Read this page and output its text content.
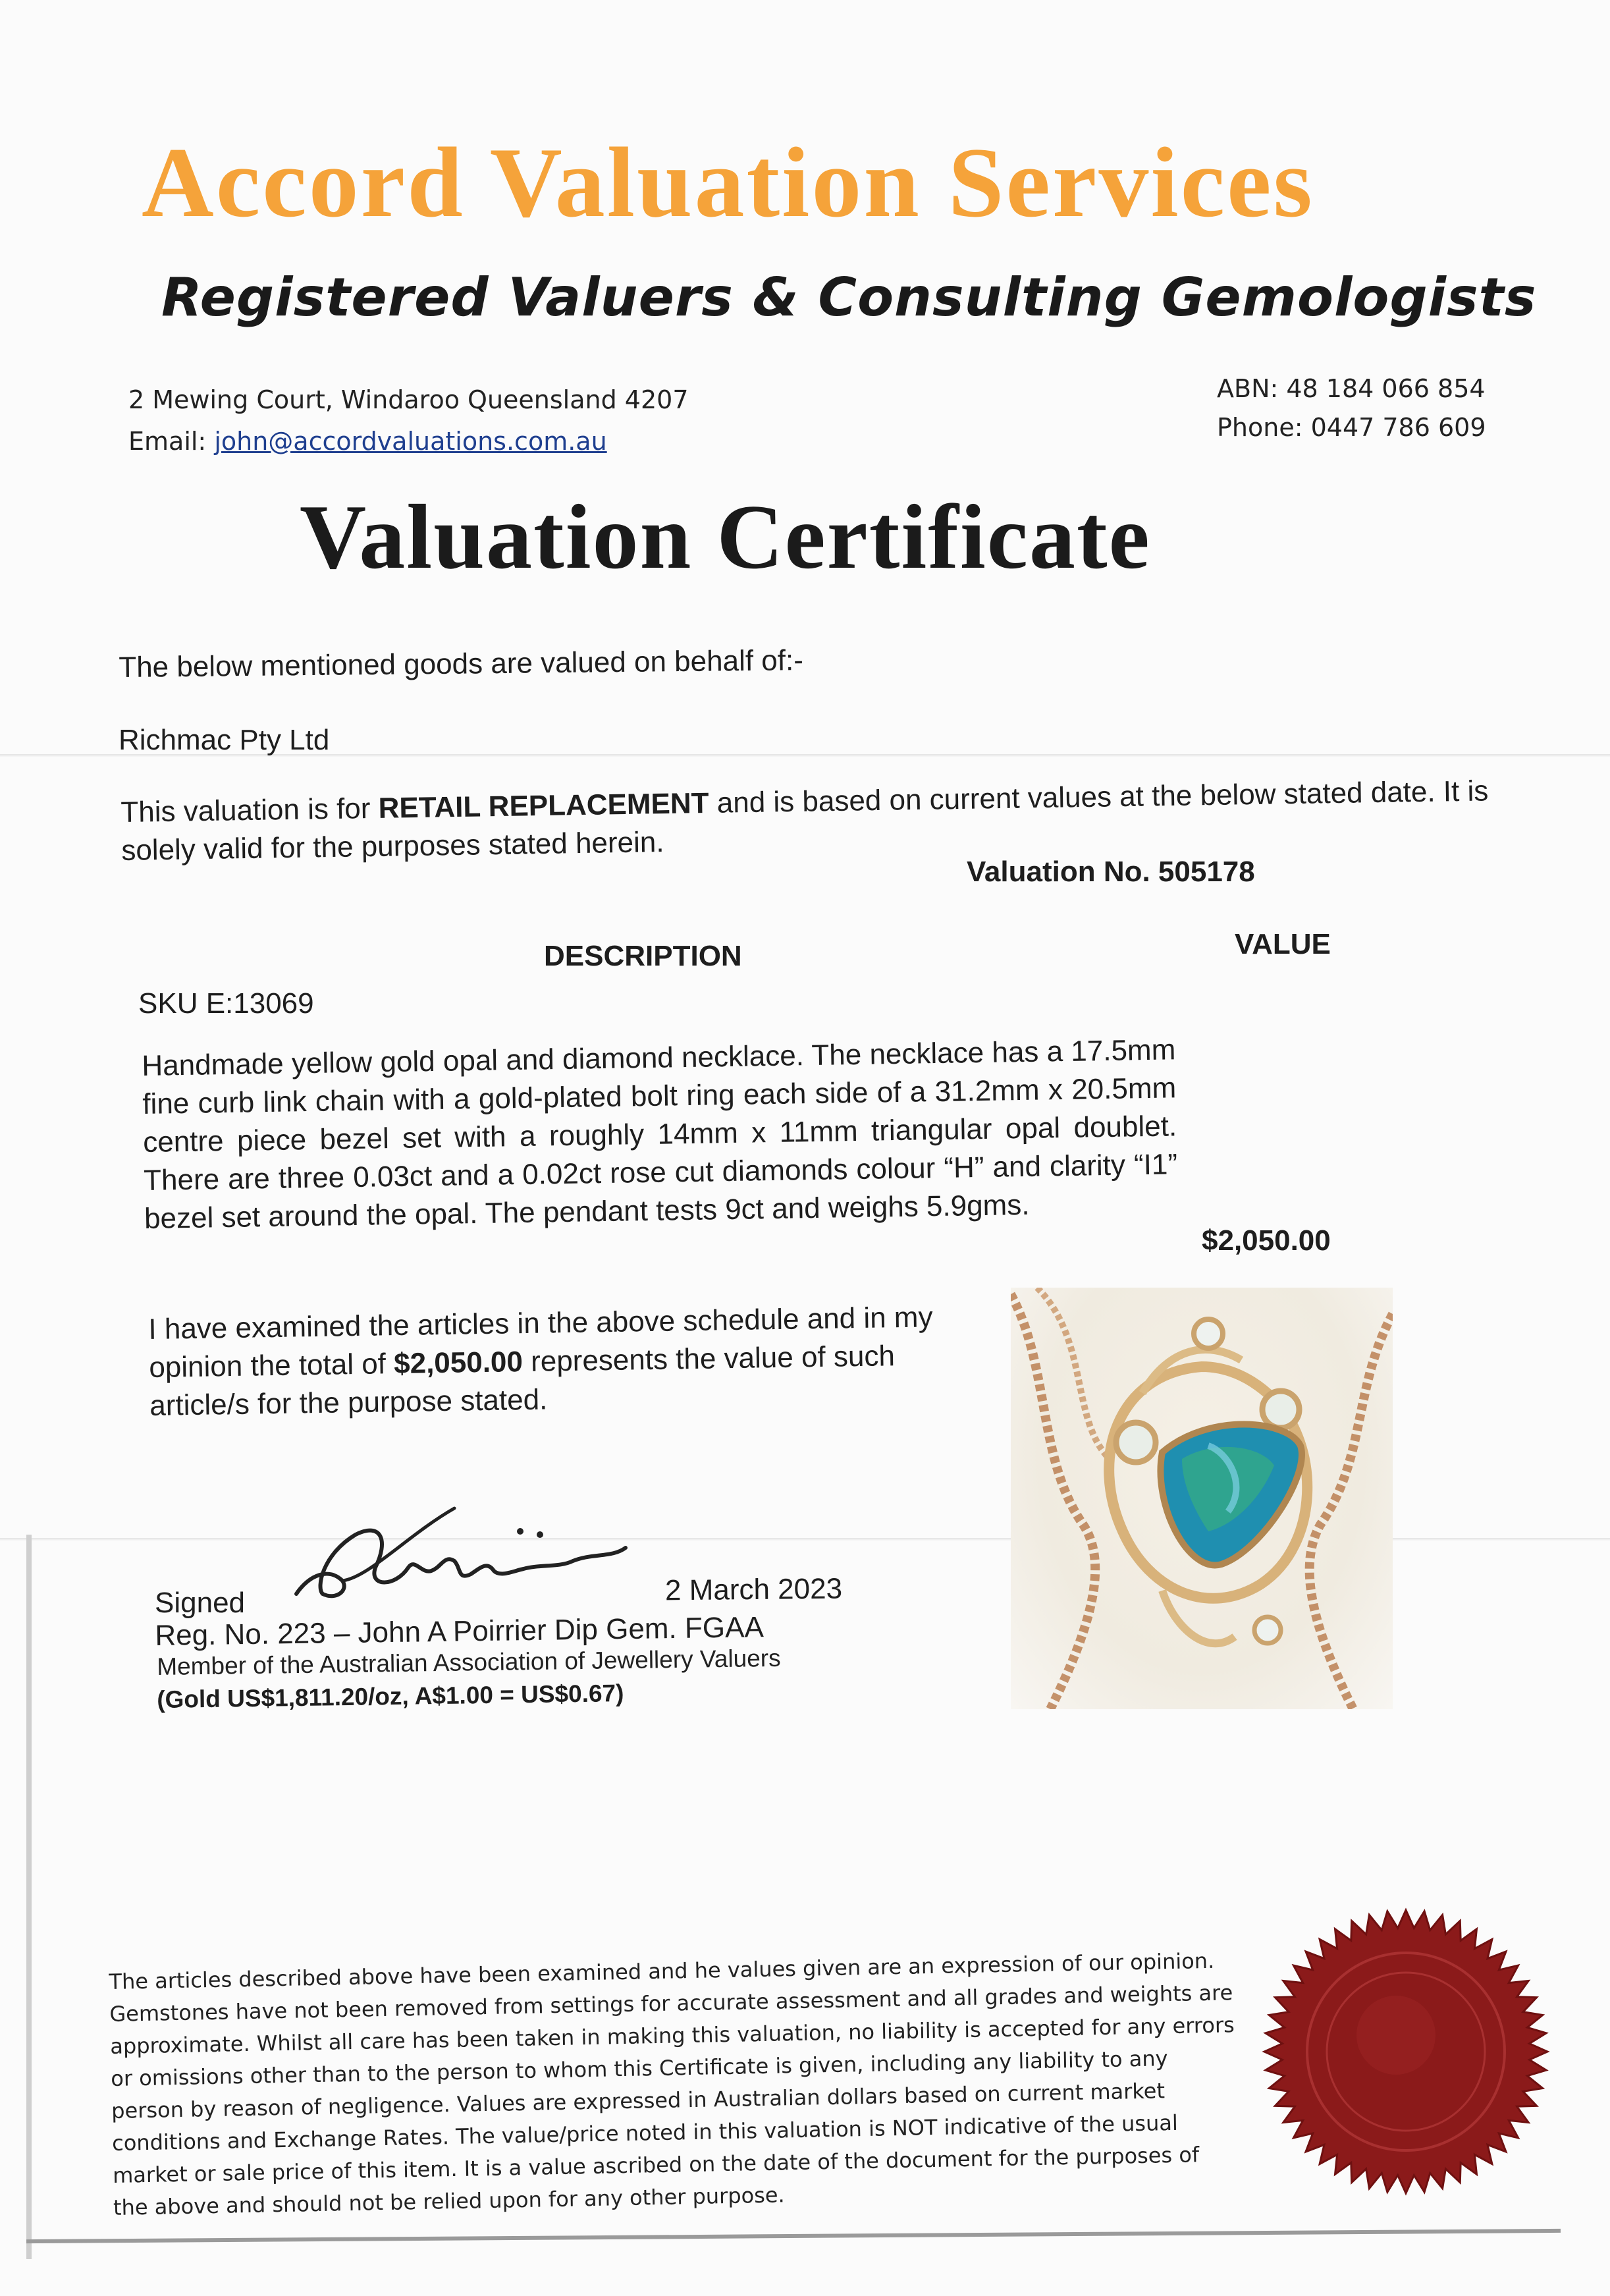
Accord Valuation Services
Registered Valuers & Consulting Gemologists
2 Mewing Court, Windaroo Queensland 4207
Email: john@accordvaluations.com.au
ABN: 48 184 066 854
Phone: 0447 786 609
Valuation Certificate
The below mentioned goods are valued on behalf of:-
Richmac Pty Ltd
This valuation is for RETAIL REPLACEMENT and is based on current values at the below stated date. It is solely valid for the purposes stated herein.
Valuation No. 505178
DESCRIPTION	VALUE
SKU E:13069
Handmade yellow gold opal and diamond necklace. The necklace has a 17.5mm fine curb link chain with a gold-plated bolt ring each side of a 31.2mm x 20.5mm centre piece bezel set with a roughly 14mm x 11mm triangular opal doublet. There are three 0.03ct and a 0.02ct rose cut diamonds colour “H” and clarity “I1” bezel set around the opal. The pendant tests 9ct and weighs 5.9gms.
$2,050.00
I have examined the articles in the above schedule and in my opinion the total of $2,050.00 represents the value of such article/s for the purpose stated.
Signed	2 March 2023
Reg. No. 223 – John A Poirrier Dip Gem. FGAA
Member of the Australian Association of Jewellery Valuers
(Gold US$1,811.20/oz, A$1.00 = US$0.67)
The articles described above have been examined and he values given are an expression of our opinion. Gemstones have not been removed from settings for accurate assessment and all grades and weights are approximate. Whilst all care has been taken in making this valuation, no liability is accepted for any errors or omissions other than to the person to whom this Certificate is given, including any liability to any person by reason of negligence. Values are expressed in Australian dollars based on current market conditions and Exchange Rates. The value/price noted in this valuation is NOT indicative of the usual market or sale price of this item. It is a value ascribed on the date of the document for the purposes of the above and should not be relied upon for any other purpose.
